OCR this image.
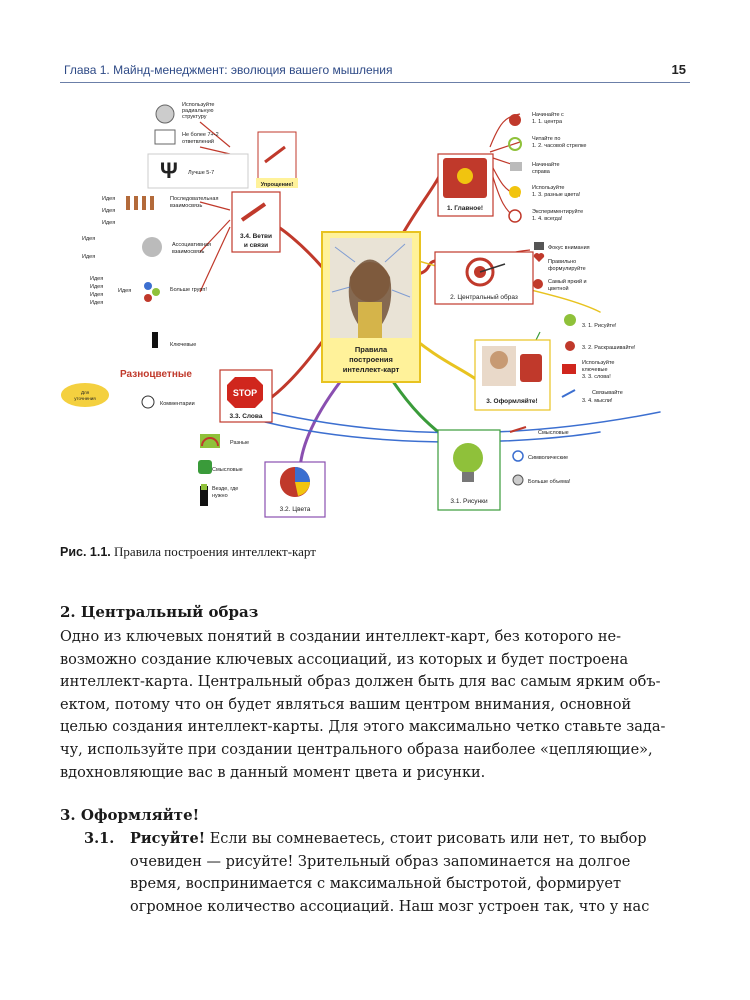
Глава 1. Майнд-менеджмент: эволюция вашего мышления	15
Правила
построения
интеллект-карт
1. Главное!
2. Центральный образ
3. Оформляйте!
3.1. Рисунки
3.2. Цвета
STOP
3.3. Слова
3.4. Ветви
и связи
Упрощение!
Начинайте с
1. 1. центра
Читайте по
1. 2. часовой стрелке
Начинайте
справа
Используйте
1. 3. разные цвета!
Экспериментируйте
1. 4. всегда!
Фокус внимания
Правильно
формулируйте
Самый яркий и
цветной
3. 1. Рисуйте!
3. 2. Раскрашивайте!
Используйте
ключевые
3. 3. слова!
Связывайте
3. 4. мысли!
Смысловые
Символические
Больше объема!
Разные
Смысловые
Везде, где
нужно
Ключевые
Разноцветные
Комментарии
Для
уточнения
Используйте
радиальную
структуру
Не более 7+-2
ответвлений
Ψ Лучше 5-7
Идея
Идея
Идея
Последовательная
взаимосвязь
Идея
Идея
Ассоциативная
взаимосвязь
Идея
Идея
Идея
Идея
Идея	Больше групп!
Рис. 1.1. Правила построения интеллект-карт
2. Центральный образ
Одно из ключевых понятий в создании интеллект-карт, без которого не-
возможно создание ключевых ассоциаций, из которых и будет построена
интеллект-карта. Центральный образ должен быть для вас самым ярким объ-
ектом, потому что он будет являться вашим центром внимания, основной
целью создания интеллект-карты. Для этого максимально четко ставьте зада-
чу, используйте при создании центрального образа наиболее «цепляющие»,
вдохновляющие вас в данный момент цвета и рисунки.
3. Оформляйте!
3.1. Рисуйте! Если вы сомневаетесь, стоит рисовать или нет, то выбор
очевиден — рисуйте! Зрительный образ запоминается на долгое
время, воспринимается с максимальной быстротой, формирует
огромное количество ассоциаций. Наш мозг устроен так, что у нас
